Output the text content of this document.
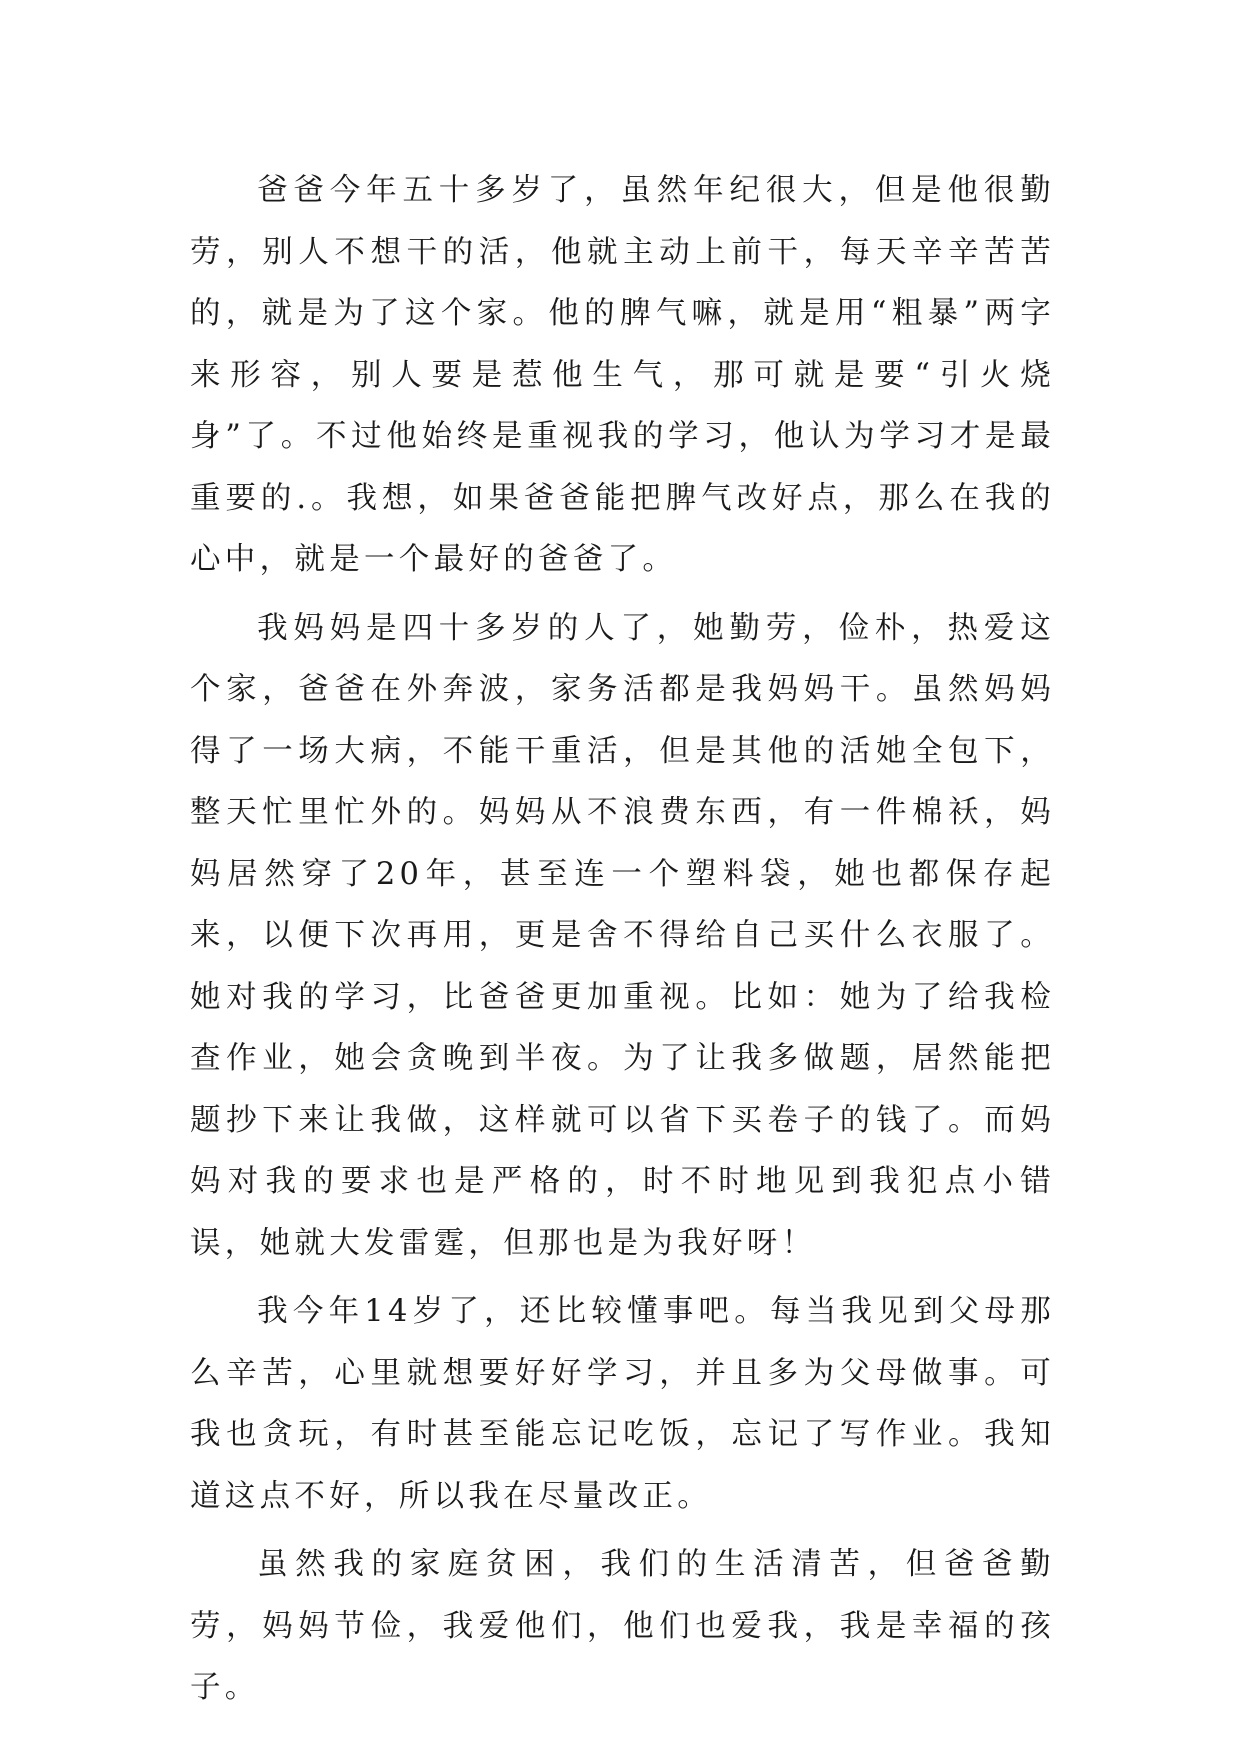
爸爸今年五十多岁了，虽然年纪很大，但是他很勤劳，别人不想干的活，他就主动上前干，每天辛辛苦苦的，就是为了这个家。他的脾气嘛，就是用“粗暴”两字来形容，别人要是惹他生气，那可就是要“引火烧身”了。不过他始终是重视我的学习，他认为学习才是最重要的.。我想，如果爸爸能把脾气改好点，那么在我的心中，就是一个最好的爸爸了。

我妈妈是四十多岁的人了，她勤劳，俭朴，热爱这个家，爸爸在外奔波，家务活都是我妈妈干。虽然妈妈得了一场大病，不能干重活，但是其他的活她全包下，整天忙里忙外的。妈妈从不浪费东西，有一件棉袄，妈妈居然穿了20年，甚至连一个塑料袋，她也都保存起来，以便下次再用，更是舍不得给自己买什么衣服了。她对我的学习，比爸爸更加重视。比如：她为了给我检查作业，她会贪晚到半夜。为了让我多做题，居然能把题抄下来让我做，这样就可以省下买卷子的钱了。而妈妈对我的要求也是严格的，时不时地见到我犯点小错误，她就大发雷霆，但那也是为我好呀！

我今年14岁了，还比较懂事吧。每当我见到父母那么辛苦，心里就想要好好学习，并且多为父母做事。可我也贪玩，有时甚至能忘记吃饭，忘记了写作业。我知道这点不好，所以我在尽量改正。

虽然我的家庭贫困，我们的生活清苦，但爸爸勤劳，妈妈节俭，我爱他们，他们也爱我，我是幸福的孩子。
